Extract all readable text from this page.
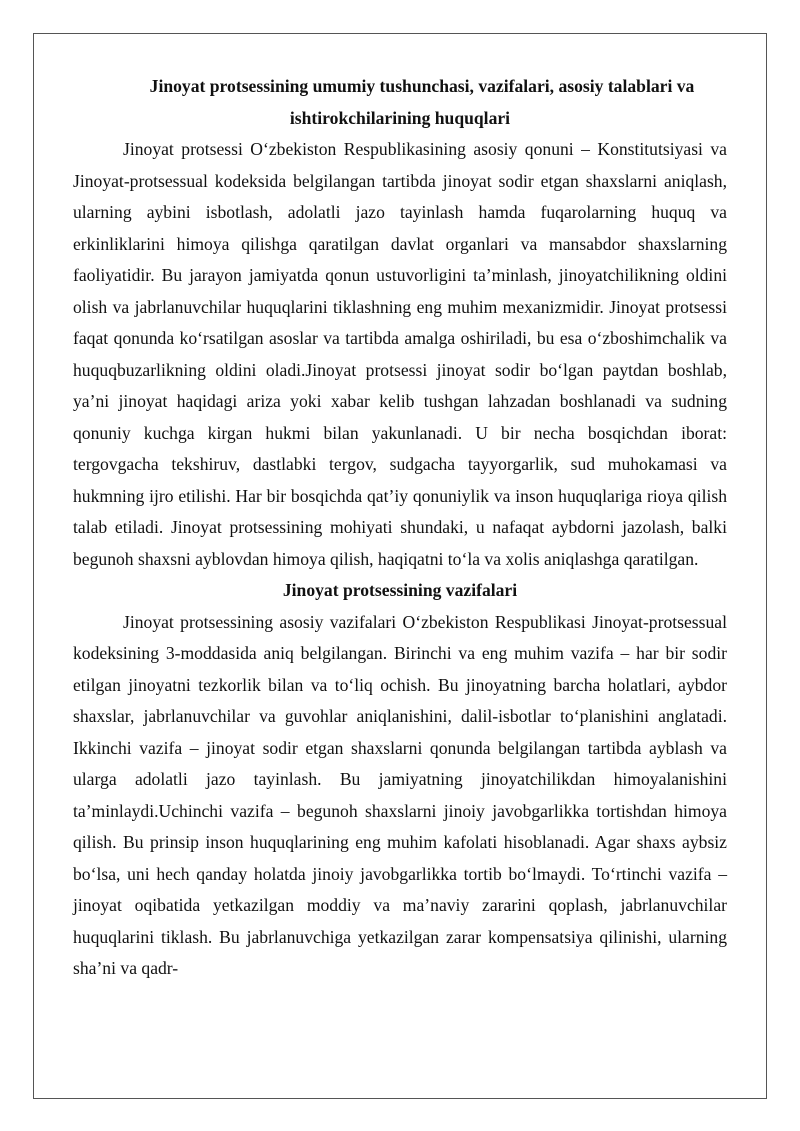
Jinoyat protsessining umumiy tushunchasi, vazifalari, asosiy talablari va
ishtirokchilarining huquqlari

Jinoyat protsessi O‘zbekiston Respublikasining asosiy qonuni – Konstitutsiyasi va Jinoyat-protsessual kodeksida belgilangan tartibda jinoyat sodir etgan shaxslarni aniqlash, ularning aybini isbotlash, adolatli jazo tayinlash hamda fuqarolarning huquq va erkinliklarini himoya qilishga qaratilgan davlat organlari va mansabdor shaxslarning faoliyatidir. Bu jarayon jamiyatda qonun ustuvorligini ta’minlash, jinoyatchilikning oldini olish va jabrlanuvchilar huquqlarini tiklashning eng muhim mexanizmidir. Jinoyat protsessi faqat qonunda ko‘rsatilgan asoslar va tartibda amalga oshiriladi, bu esa o‘zboshimchalik va huquqbuzarlikning oldini oladi.Jinoyat protsessi jinoyat sodir bo‘lgan paytdan boshlab, ya’ni jinoyat haqidagi ariza yoki xabar kelib tushgan lahzadan boshlanadi va sudning qonuniy kuchga kirgan hukmi bilan yakunlanadi. U bir necha bosqichdan iborat: tergovgacha tekshiruv, dastlabki tergov, sudgacha tayyorgarlik, sud muhokamasi va hukmning ijro etilishi. Har bir bosqichda qat’iy qonuniylik va inson huquqlariga rioya qilish talab etiladi. Jinoyat protsessining mohiyati shundaki, u nafaqat aybdorni jazolash, balki begunoh shaxsni ayblovdan himoya qilish, haqiqatni to‘la va xolis aniqlashga qaratilgan.

Jinoyat protsessining vazifalari

Jinoyat protsessining asosiy vazifalari O‘zbekiston Respublikasi Jinoyat-protsessual kodeksining 3-moddasida aniq belgilangan. Birinchi va eng muhim vazifa – har bir sodir etilgan jinoyatni tezkorlik bilan va to‘liq ochish. Bu jinoyatning barcha holatlari, aybdor shaxslar, jabrlanuvchilar va guvohlar aniqlanishini, dalil-isbotlar to‘planishini anglatadi. Ikkinchi vazifa – jinoyat sodir etgan shaxslarni qonunda belgilangan tartibda ayblash va ularga adolatli jazo tayinlash. Bu jamiyatning jinoyatchilikdan himoyalanishini ta’minlaydi.Uchinchi vazifa – begunoh shaxslarni jinoiy javobgarlikka tortishdan himoya qilish. Bu prinsip inson huquqlarining eng muhim kafolati hisoblanadi. Agar shaxs aybsiz bo‘lsa, uni hech qanday holatda jinoiy javobgarlikka tortib bo‘lmaydi. To‘rtinchi vazifa – jinoyat oqibatida yetkazilgan moddiy va ma’naviy zararini qoplash, jabrlanuvchilar huquqlarini tiklash. Bu jabrlanuvchiga yetkazilgan zarar kompensatsiya qilinishi, ularning sha’ni va qadr-
